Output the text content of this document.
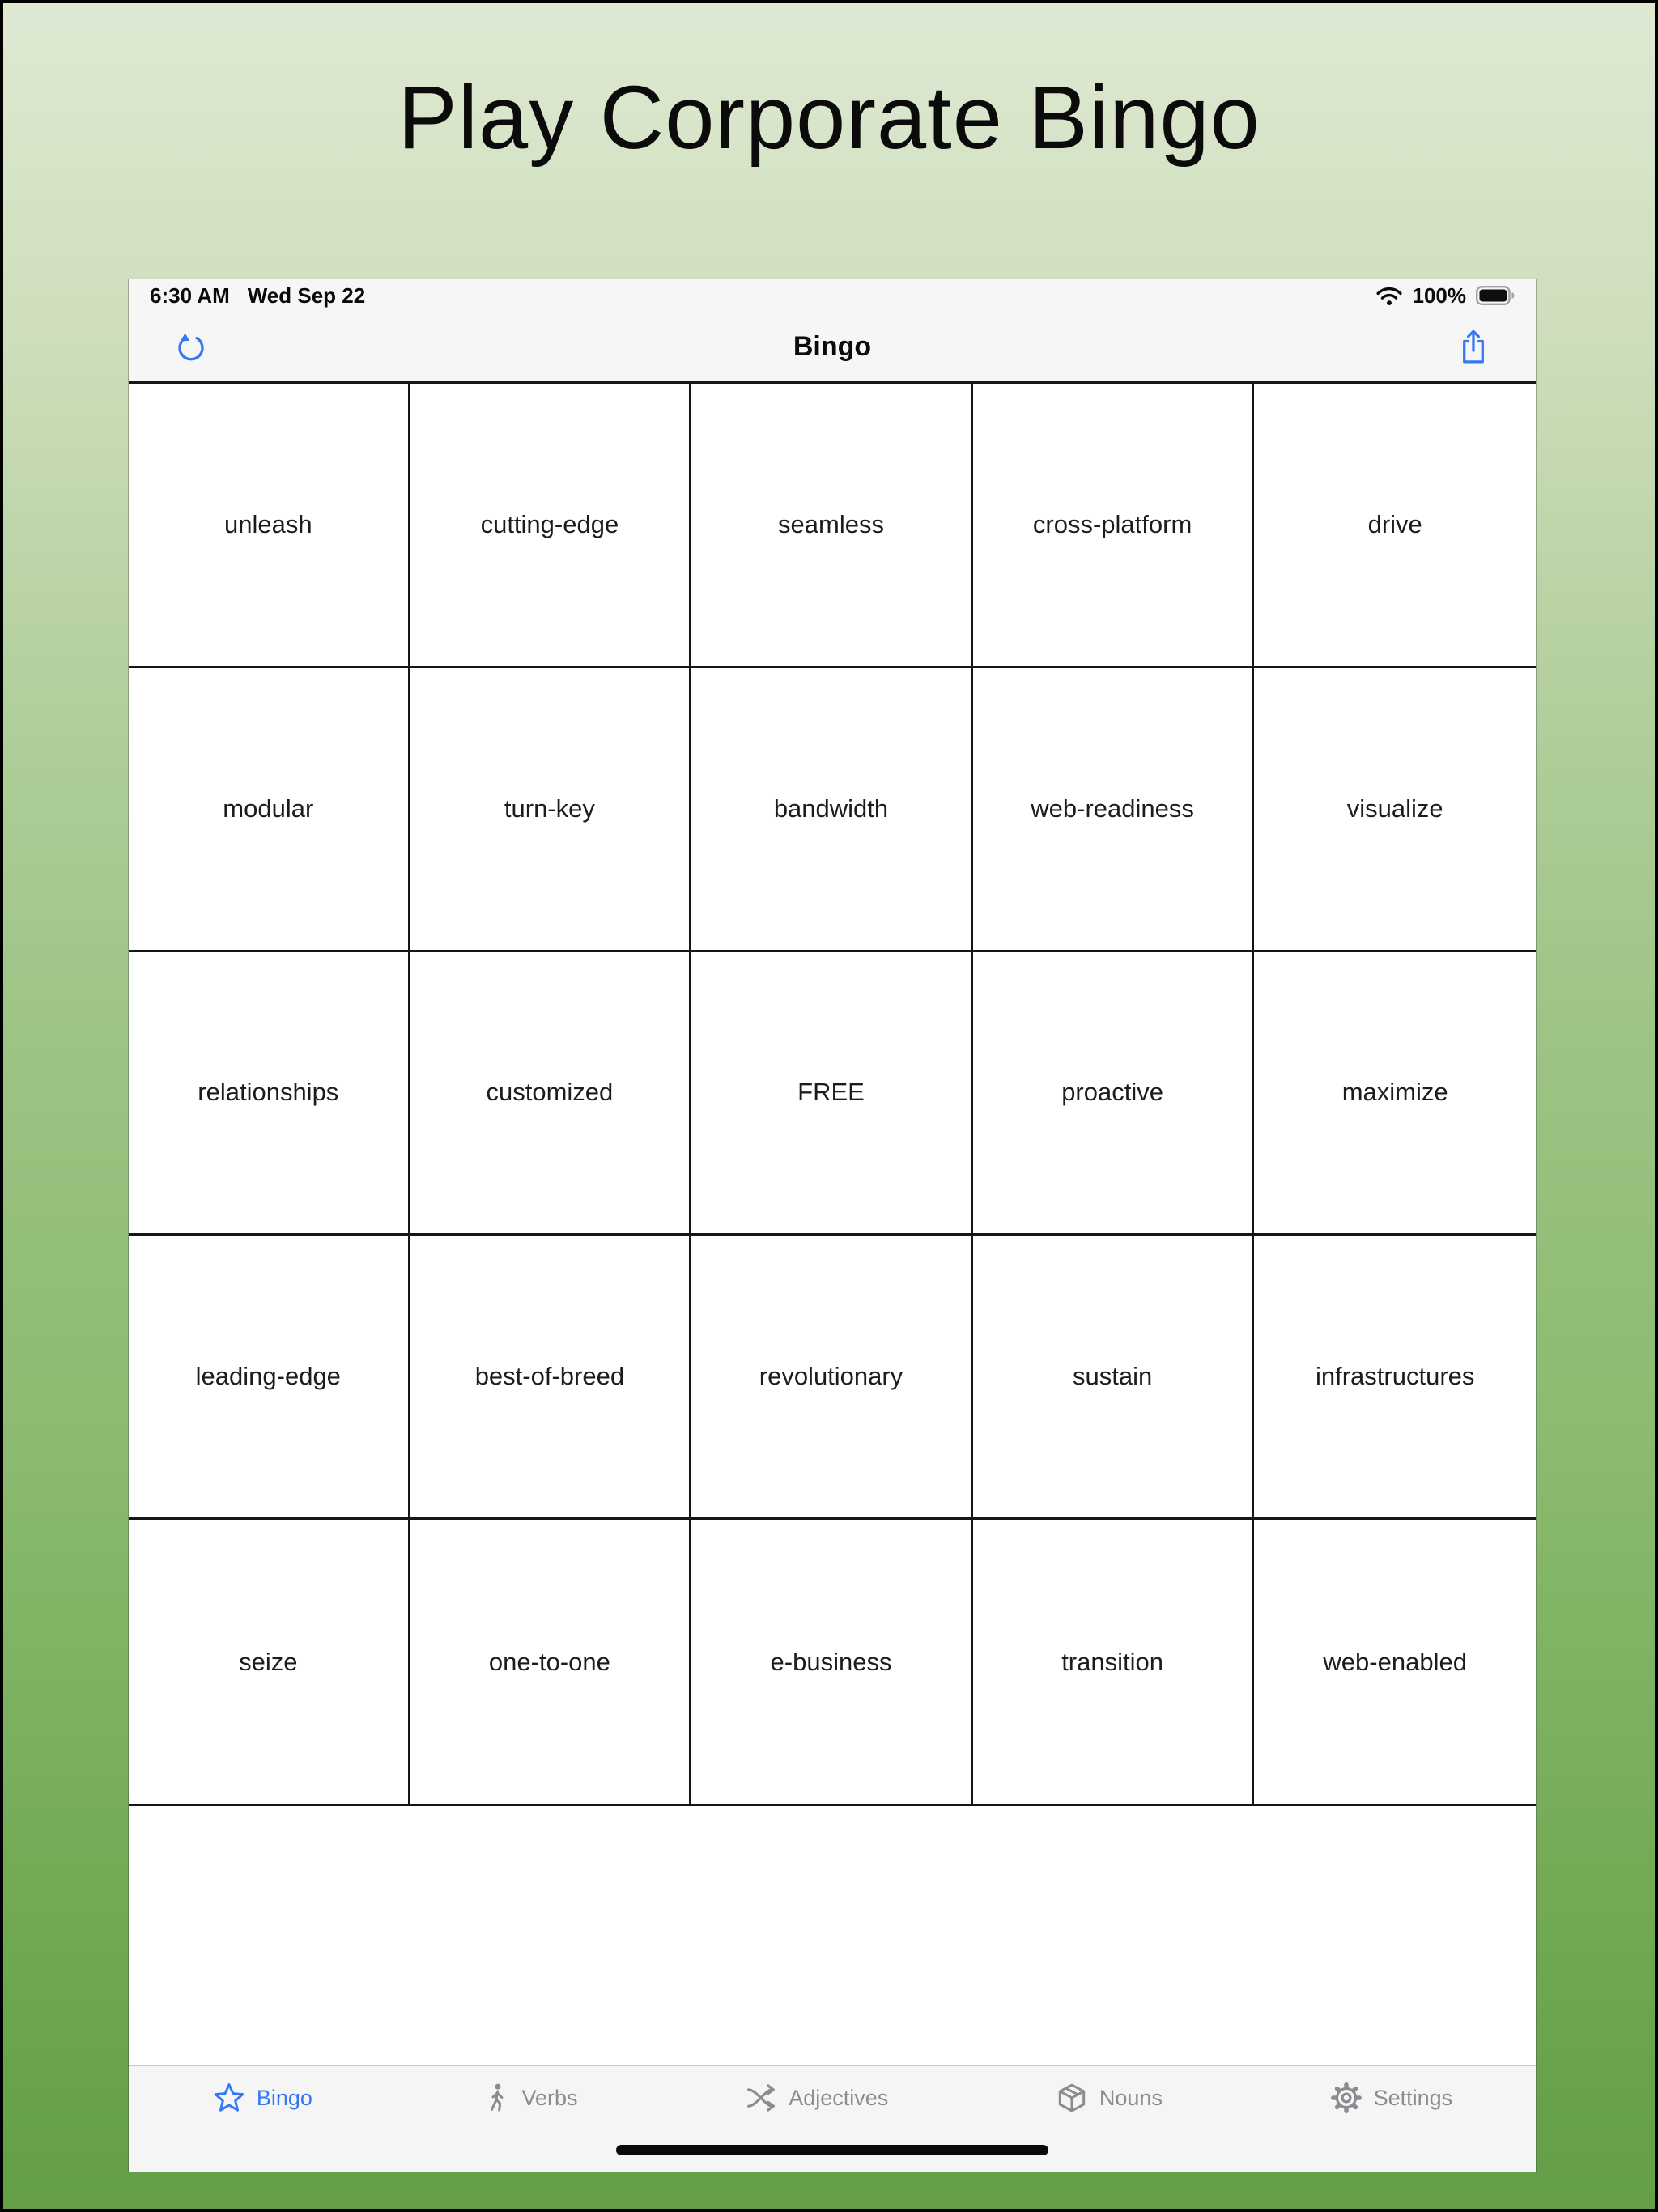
Play Corporate Bingo
6:30 AM Wed Sep 22	100%
Bingo
unleash	cutting-edge	seamless	cross-platform	drive
modular	turn-key	bandwidth	web-readiness	visualize
relationships	customized	FREE	proactive	maximize
leading-edge	best-of-breed	revolutionary	sustain	infrastructures
seize	one-to-one	e-business	transition	web-enabled
Bingo	Verbs	Adjectives	Nouns	Settings
